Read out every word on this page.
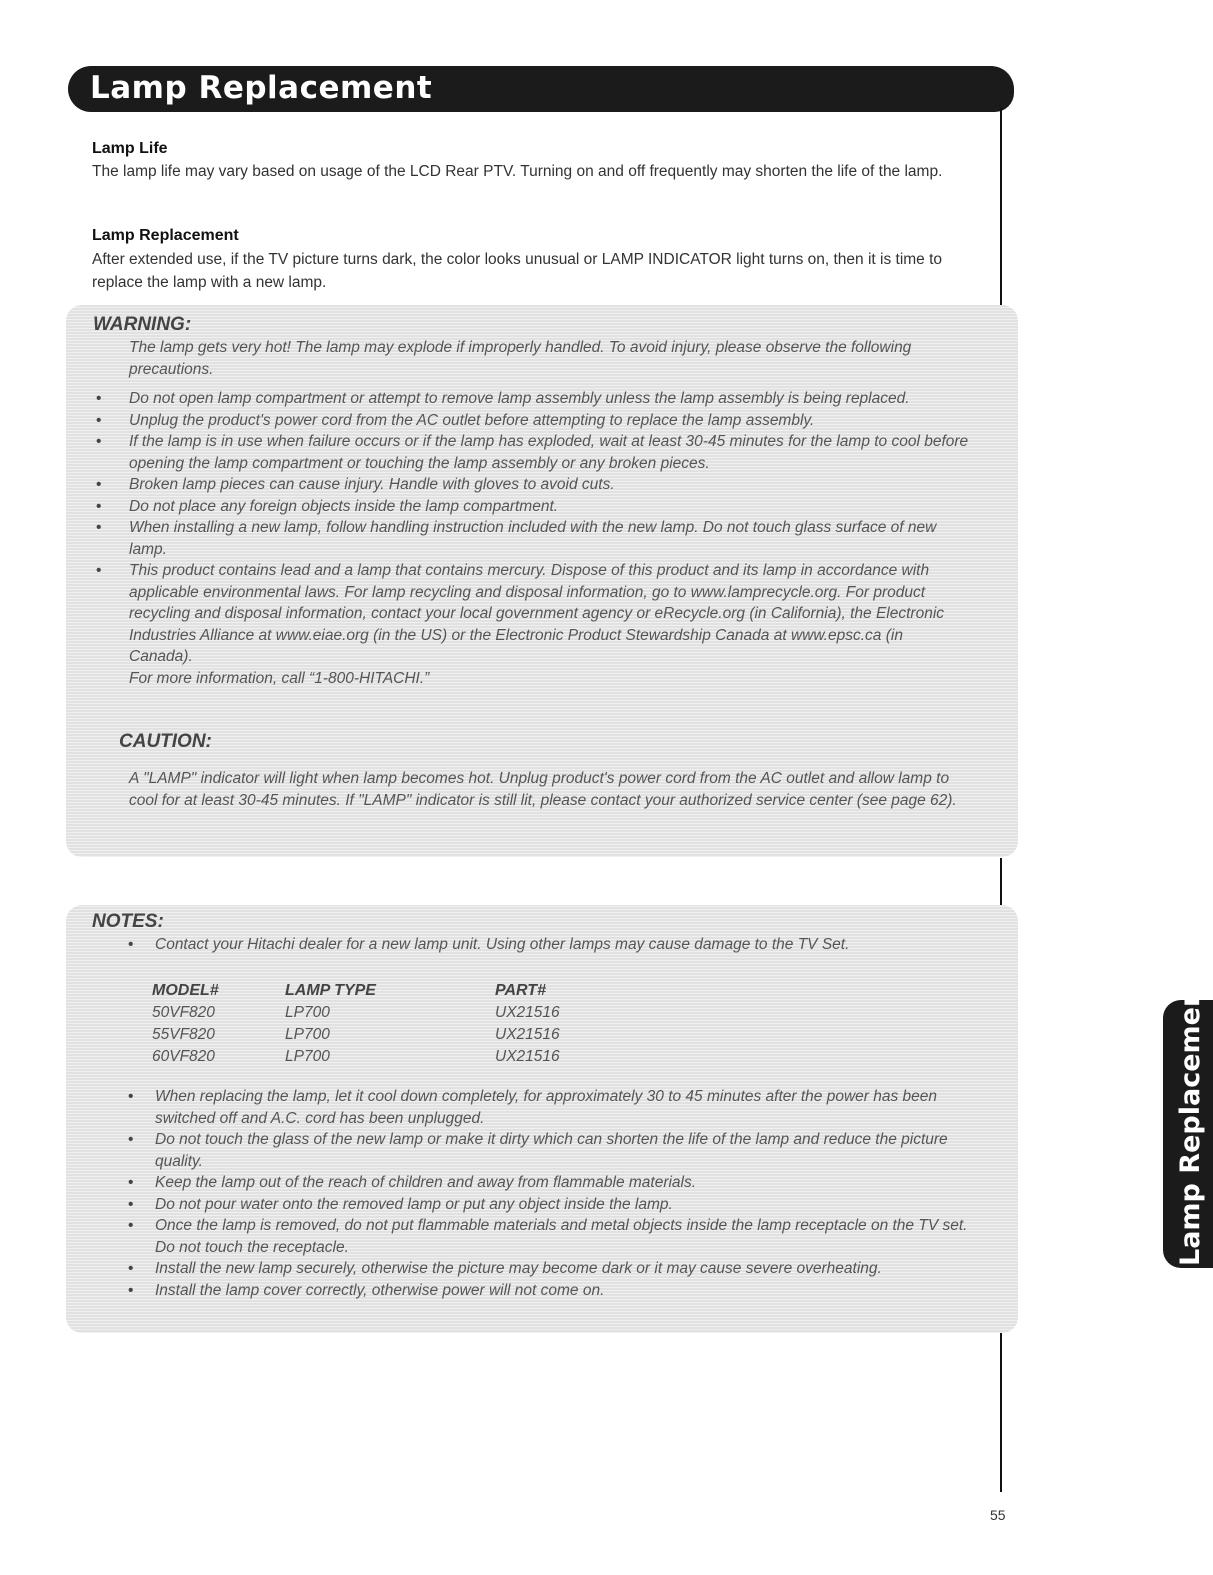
Lamp Replacement
Lamp Life

The lamp life may vary based on usage of the LCD Rear PTV. Turning on and off frequently may shorten the life of the lamp.

Lamp Replacement

After extended use, if the TV picture turns dark, the color looks unusual or LAMP INDICATOR light turns on, then it is time to replace the lamp with a new lamp.

WARNING:

The lamp gets very hot! The lamp may explode if improperly handled. To avoid injury, please observe the following precautions.

• Do not open lamp compartment or attempt to remove lamp assembly unless the lamp assembly is being replaced.
• Unplug the product's power cord from the AC outlet before attempting to replace the lamp assembly.
• If the lamp is in use when failure occurs or if the lamp has exploded, wait at least 30-45 minutes for the lamp to cool before opening the lamp compartment or touching the lamp assembly or any broken pieces.
• Broken lamp pieces can cause injury. Handle with gloves to avoid cuts.
• Do not place any foreign objects inside the lamp compartment.
• When installing a new lamp, follow handling instruction included with the new lamp. Do not touch glass surface of new lamp.
• This product contains lead and a lamp that contains mercury. Dispose of this product and its lamp in accordance with applicable environmental laws. For lamp recycling and disposal information, go to www.lamprecycle.org. For product recycling and disposal information, contact your local government agency or eRecycle.org (in California), the Electronic Industries Alliance at www.eiae.org (in the US) or the Electronic Product Stewardship Canada at www.epsc.ca (in Canada).
For more information, call “1-800-HITACHI.”
CAUTION:

A "LAMP" indicator will light when lamp becomes hot. Unplug product's power cord from the AC outlet and allow lamp to cool for at least 30-45 minutes. If "LAMP" indicator is still lit, please contact your authorized service center (see page 62).

NOTES:
• Contact your Hitachi dealer for a new lamp unit. Using other lamps may cause damage to the TV Set.
MODEL#	LAMP TYPE	PART#
50VF820	LP700	UX21516
55VF820	LP700	UX21516
60VF820	LP700	UX21516
• When replacing the lamp, let it cool down completely, for approximately 30 to 45 minutes after the power has been switched off and A.C. cord has been unplugged.
• Do not touch the glass of the new lamp or make it dirty which can shorten the life of the lamp and reduce the picture quality.
• Keep the lamp out of the reach of children and away from flammable materials.
• Do not pour water onto the removed lamp or put any object inside the lamp.
• Once the lamp is removed, do not put flammable materials and metal objects inside the lamp receptacle on the TV set. Do not touch the receptacle.
• Install the new lamp securely, otherwise the picture may become dark or it may cause severe overheating.
• Install the lamp cover correctly, otherwise power will not come on.
Lamp Replacement
55
